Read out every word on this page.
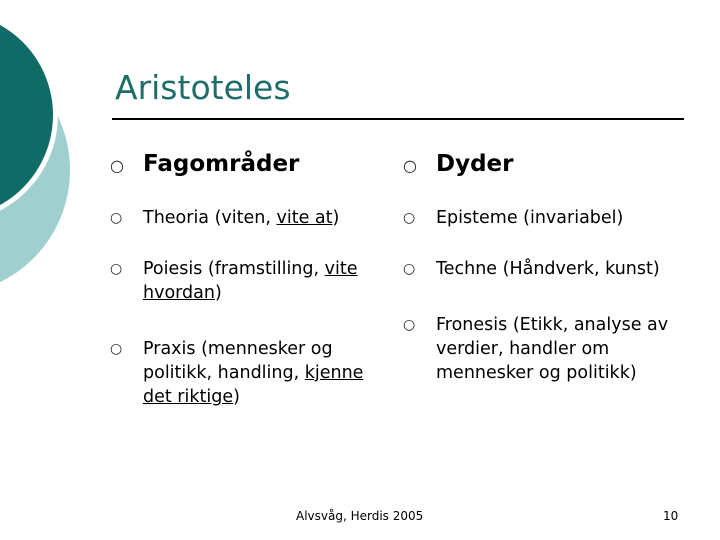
Aristoteles
○ Fagområder
○	Theoria (viten, vite at)
○	Poiesis (framstilling, vite hvordan)
○	Praxis (mennesker og politikk, handling, kjenne det riktige)
○ Dyder
○	Episteme (invariabel)
○	Techne (Håndverk, kunst)
○	Fronesis (Etikk, analyse av verdier, handler om mennesker og politikk)
Alvsvåg, Herdis 2005	10
